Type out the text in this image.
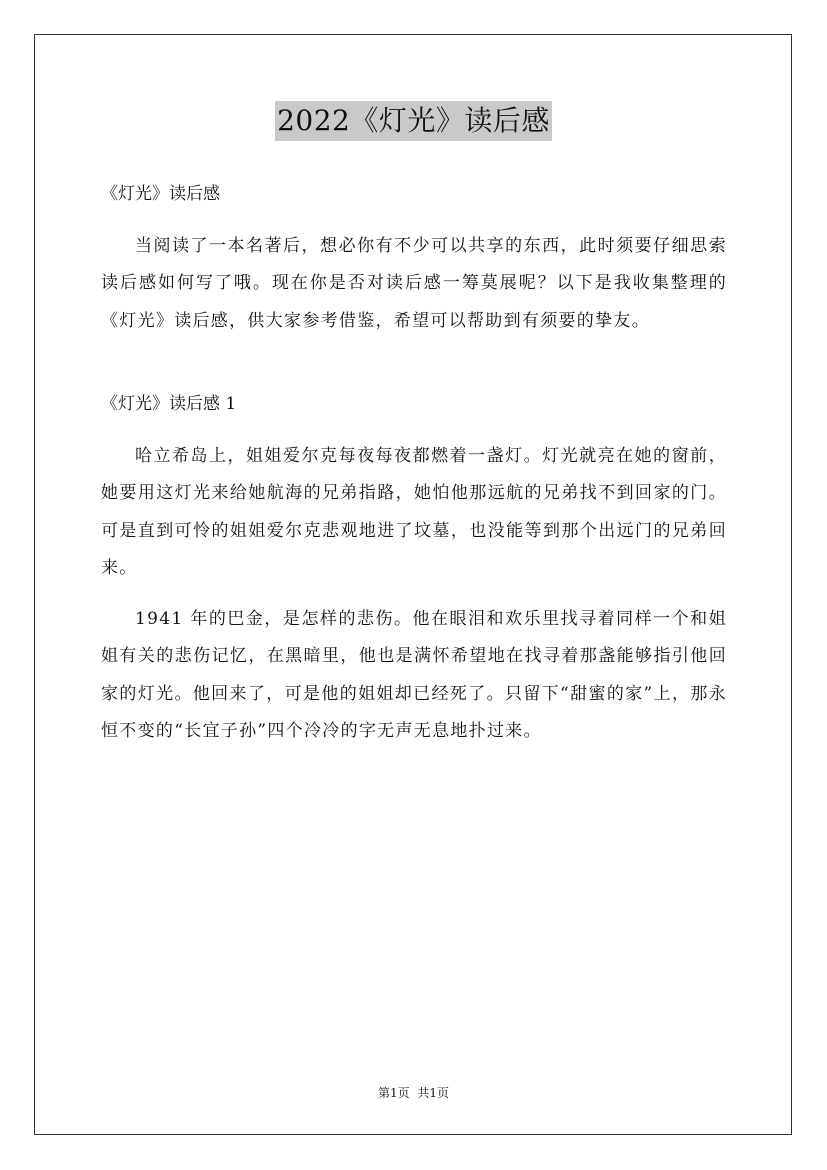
2022《灯光》读后感

《灯光》读后感

当阅读了一本名著后，想必你有不少可以共享的东西，此时须要仔细思索读后感如何写了哦。现在你是否对读后感一筹莫展呢？以下是我收集整理的《灯光》读后感，供大家参考借鉴，希望可以帮助到有须要的挚友。

《灯光》读后感 1

哈立希岛上，姐姐爱尔克每夜每夜都燃着一盏灯。灯光就亮在她的窗前，她要用这灯光来给她航海的兄弟指路，她怕他那远航的兄弟找不到回家的门。可是直到可怜的姐姐爱尔克悲观地进了坟墓，也没能等到那个出远门的兄弟回来。

1941 年的巴金，是怎样的悲伤。他在眼泪和欢乐里找寻着同样一个和姐姐有关的悲伤记忆，在黑暗里，他也是满怀希望地在找寻着那盏能够指引他回家的灯光。他回来了，可是他的姐姐却已经死了。只留下“甜蜜的家”上，那永恒不变的“长宜子孙”四个冷冷的字无声无息地扑过来。

第1页 共1页
